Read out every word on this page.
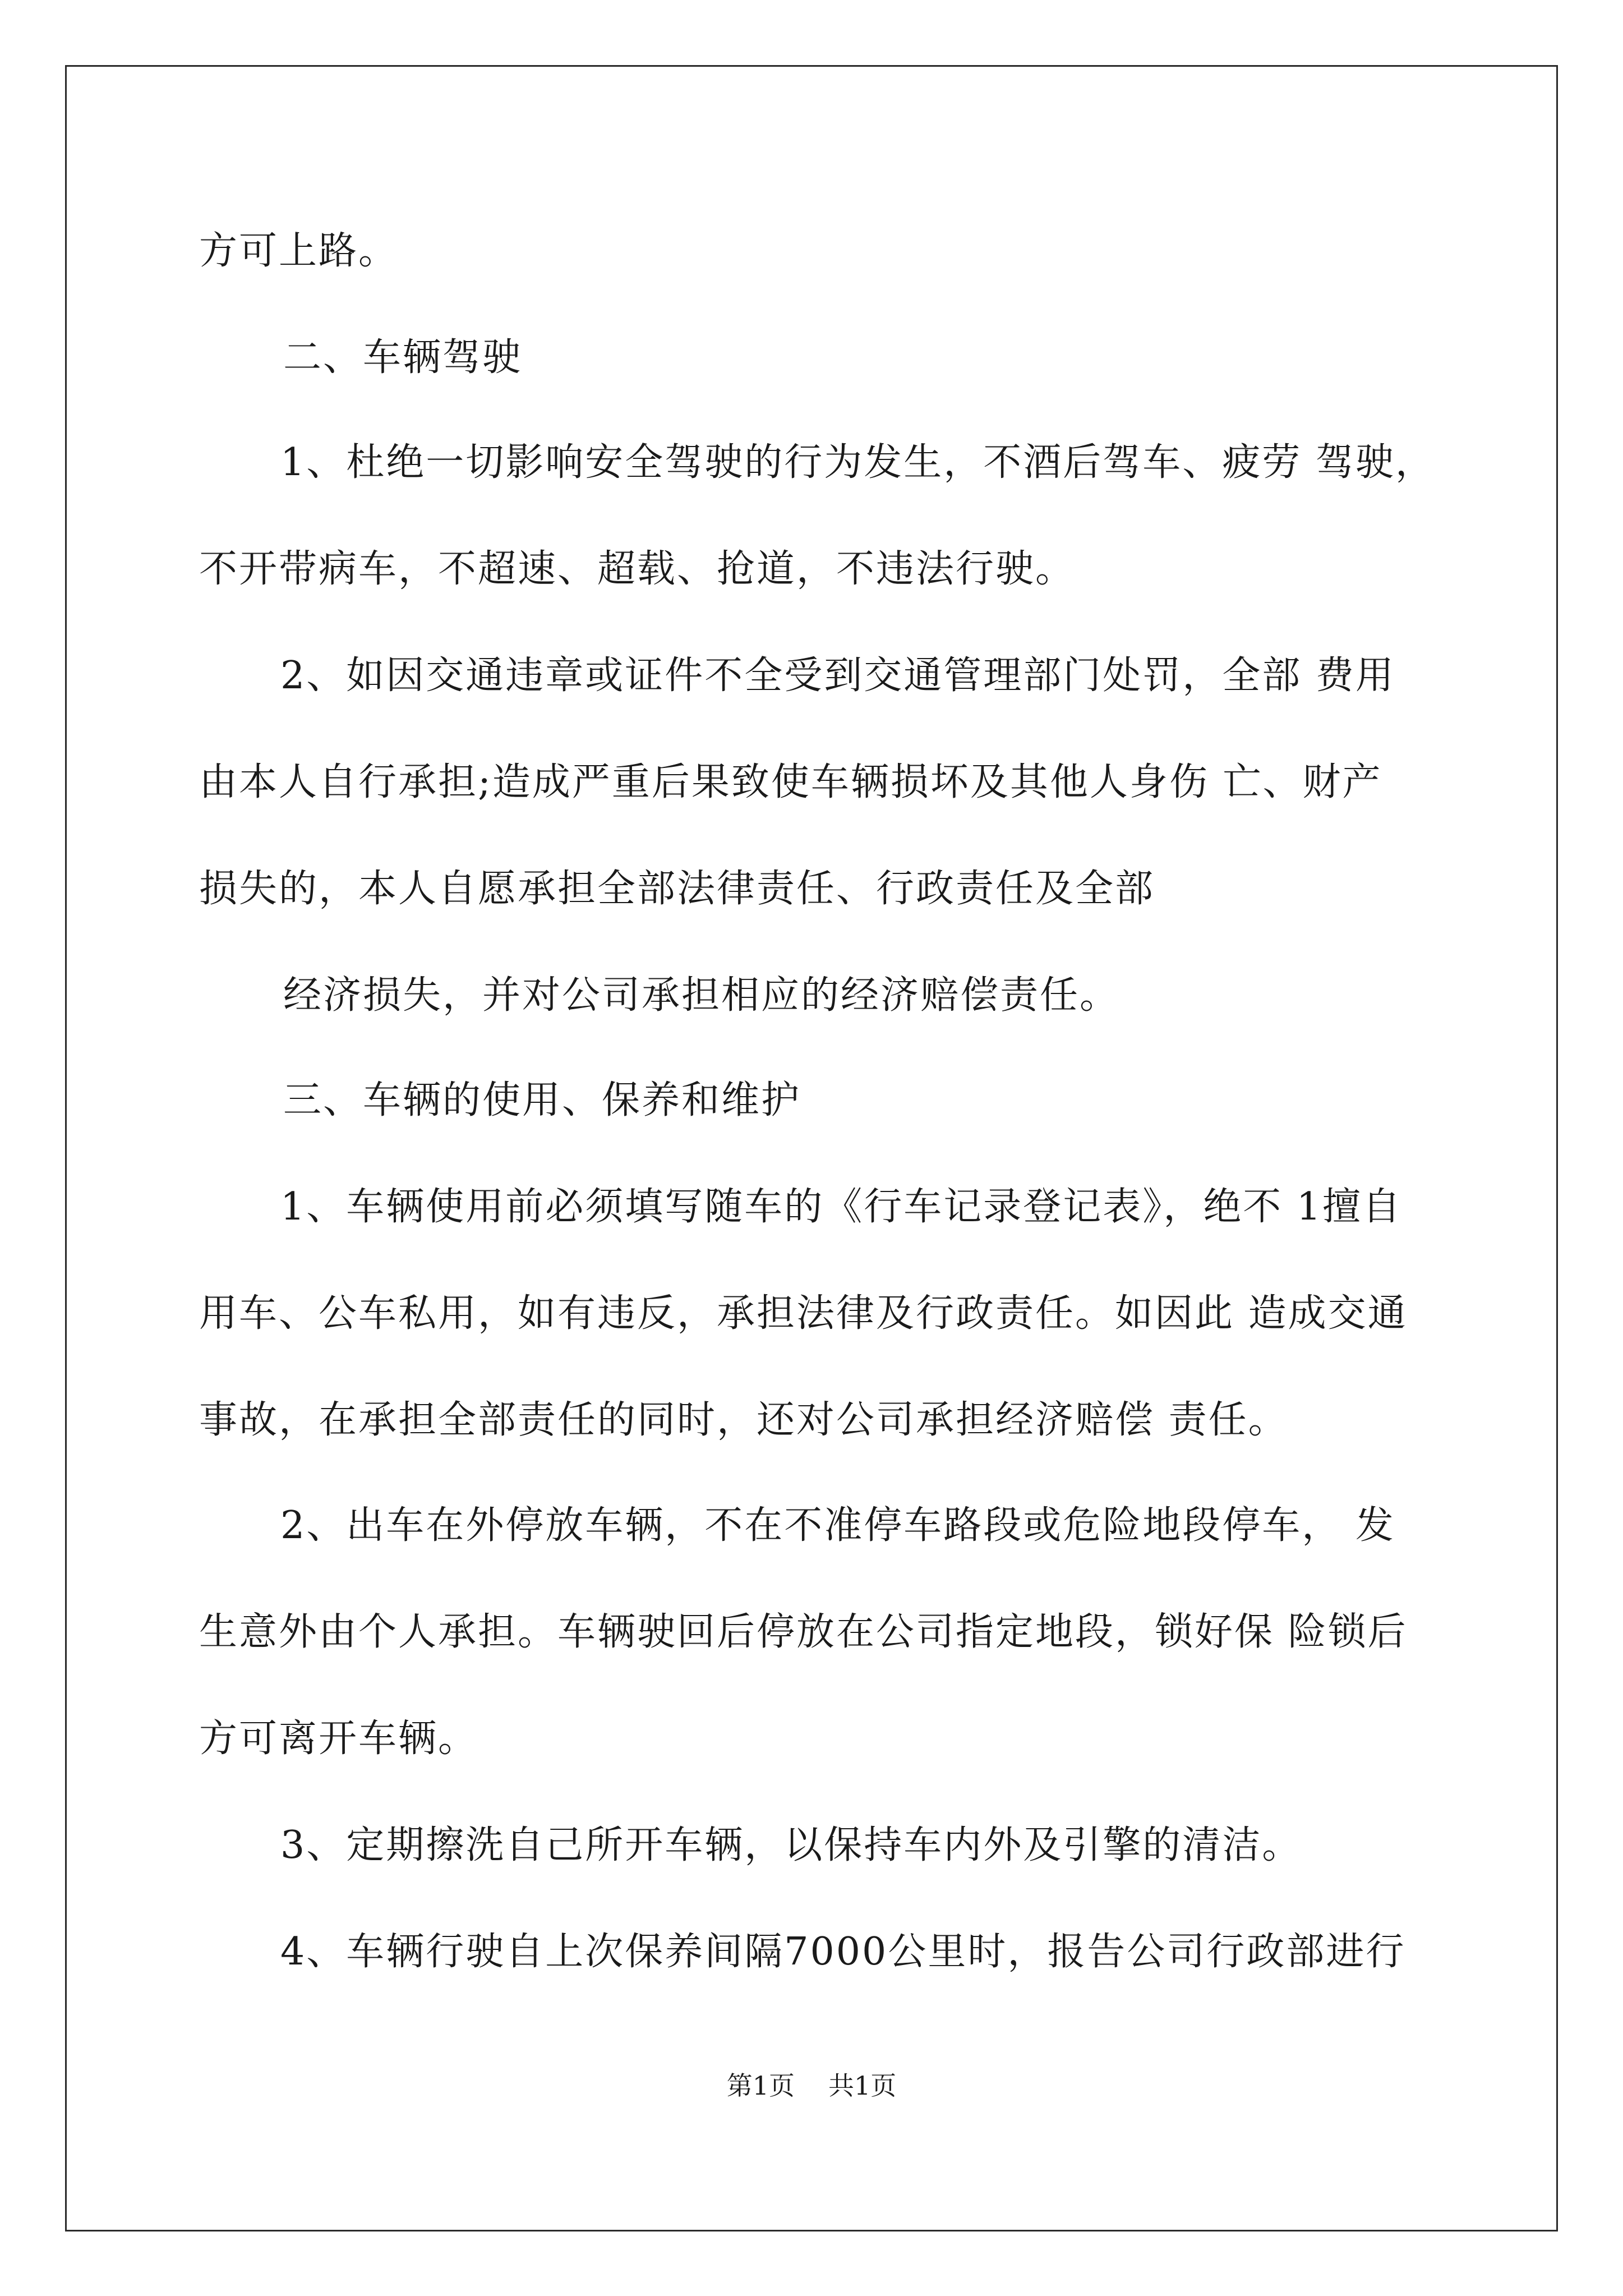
方可上路。
二、车辆驾驶
1、杜绝一切影响安全驾驶的行为发生，不酒后驾车、疲劳 驾驶，
不开带病车，不超速、超载、抢道，不违法行驶。
2、如因交通违章或证件不全受到交通管理部门处罚，全部 费用
由本人自行承担;造成严重后果致使车辆损坏及其他人身伤 亡、财产
损失的，本人自愿承担全部法律责任、行政责任及全部
经济损失，并对公司承担相应的经济赔偿责任。
三、车辆的使用、保养和维护
1、车辆使用前必须填写随车的《行车记录登记表》，绝不 1擅自
用车、公车私用，如有违反，承担法律及行政责任。如因此 造成交通
事故，在承担全部责任的同时，还对公司承担经济赔偿 责任。
2、出车在外停放车辆，不在不准停车路段或危险地段停车， 发
生意外由个人承担。车辆驶回后停放在公司指定地段，锁好保 险锁后
方可离开车辆。
3、定期擦洗自己所开车辆，以保持车内外及引擎的清洁。
4、车辆行驶自上次保养间隔7000公里时，报告公司行政部进行
第1页 共1页
